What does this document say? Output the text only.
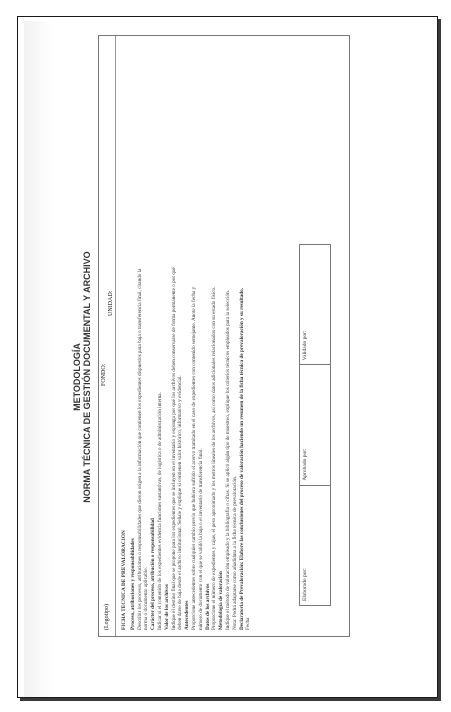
METODOLOGÍA NORMA TÉCNICA DE GESTIÓN DOCUMENTAL Y ARCHIVO
(Logotipo)
FONDO:
UNIDAD:

FICHA TÉCNICA DE PREVALORACIÓN Proceso, atribuciones y responsabilidades Describir los procesos, atribuciones o responsabilidades que dieron origen a la información que contienen los expedientes dispuestos para baja o transferencia final, citando la norma o documento aplicable. Carácter del proceso, atribución o responsabilidad Indicar si el contenido de los expedientes evidencia funciones sustantivas, de logística o de administración interna. Valor de los archivos Indique el destino final que se propone para los expedientes que se incluyen en el inventario y exponga por qué los archivos deben conservarse de forma permanente o por qué deben darse de baja desde el archivo institucional. Señale y explique si contienen valor histórico, informativo y evidencial. Antecedentes Proporcione antecedentes sobre cualquier cambio previo que hubiera sufrido el acervo tramitado en el caso de expedientes con contenido semejante. Anote la fecha y número de documento con el que se validó la baja o el inventario de transferencia final. Datos de los archivos Proporcione el número de expedientes y cajas, el peso aproximado y los metros lineales de los archivos, así como datos adicionales relacionados con su estado físico. Metodología de valoración Indique el método de valoración empleado y la bibliografía o cifras. Si se aplicó algún tipo de muestreo, explique los criterios técnicos empleados para la selección. Nota: Podrá adaptarse como añadidura a la ficha técnica de prevaloración. Declaratoria de Prevaloración: Elabore las conclusiones del proceso de valoración haciendo un resumen de la ficha técnica de prevaloración y su resultado. Fecha

Elaborado por:
Aprobado por:
Validado por:
